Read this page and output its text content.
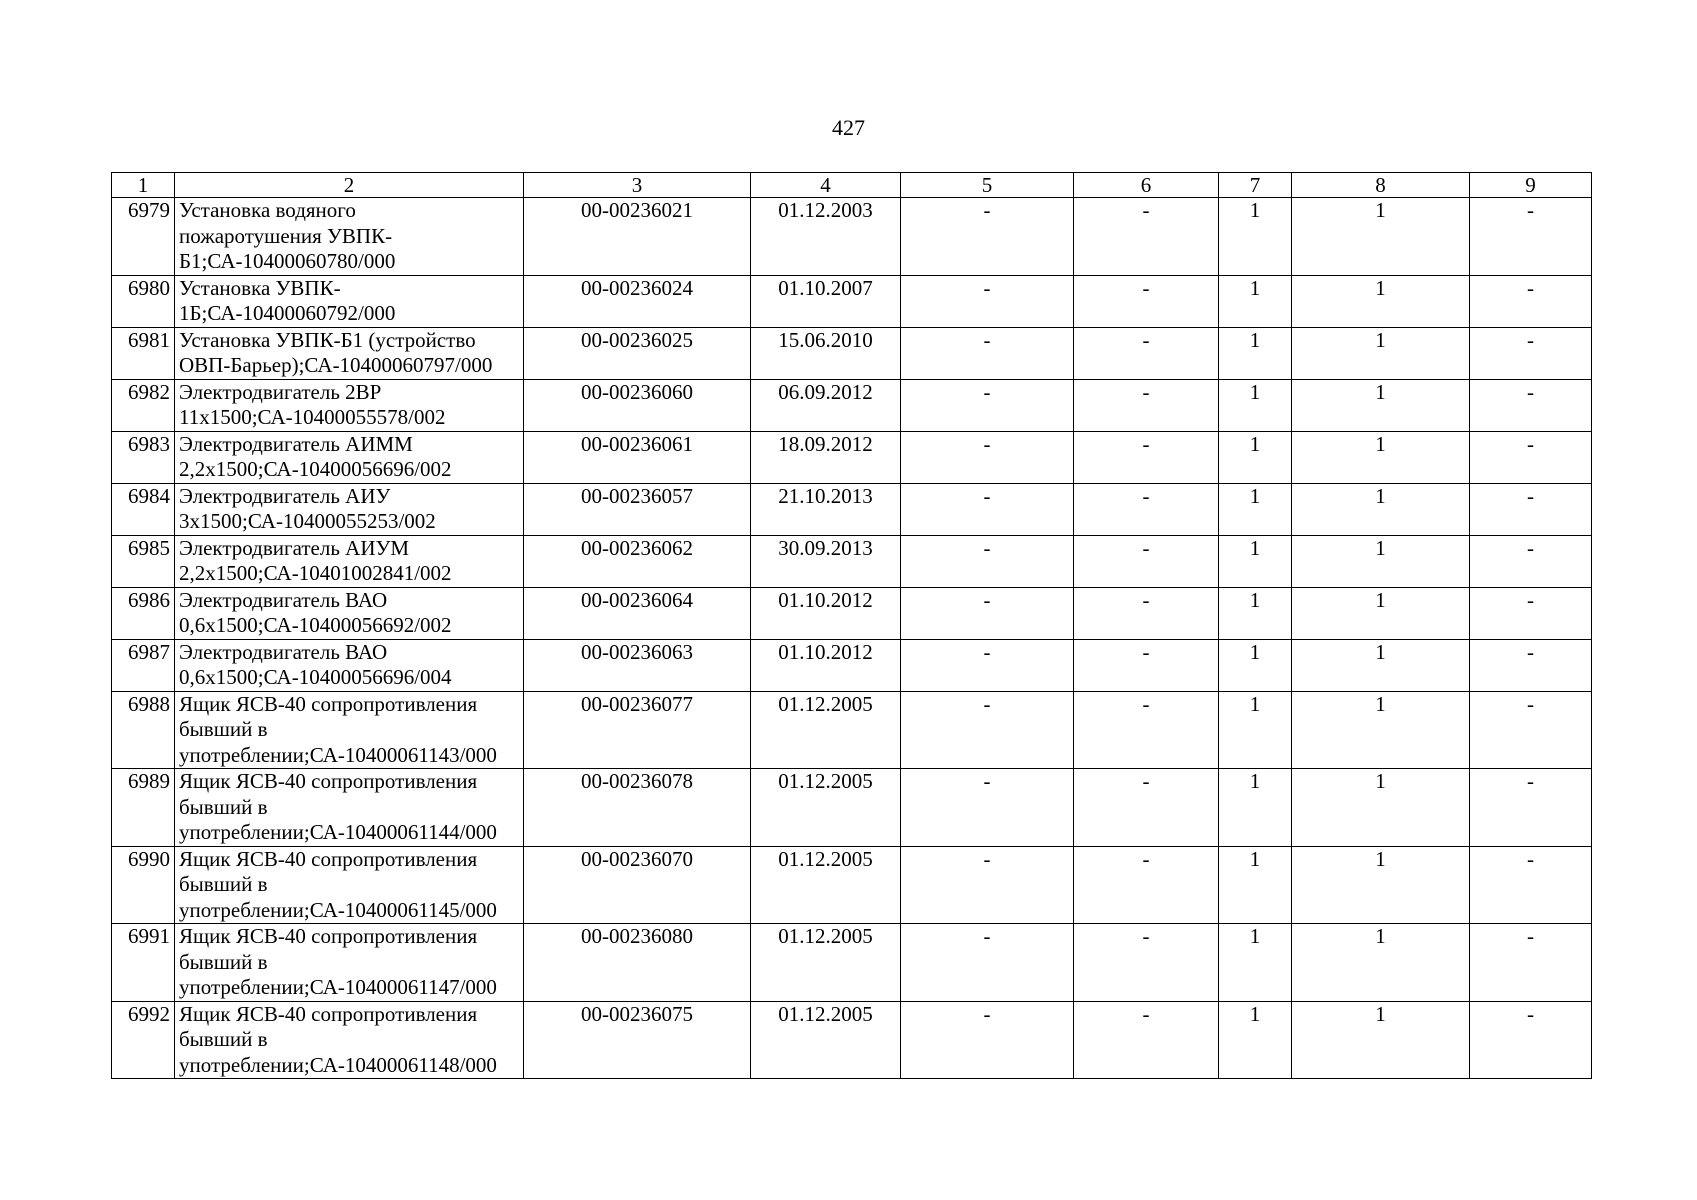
427
1	2	3	4	5	6	7	8	9
6979	Установка водяного
пожаротушения УВПК-
Б1;СА-10400060780/000	00-00236021	01.12.2003	-	-	1	1	-
6980	Установка УВПК-
1Б;СА-10400060792/000	00-00236024	01.10.2007	-	-	1	1	-
6981	Установка УВПК-Б1 (устройство
ОВП-Барьер);СА-10400060797/000	00-00236025	15.06.2010	-	-	1	1	-
6982	Электродвигатель 2ВР
11х1500;СА-10400055578/002	00-00236060	06.09.2012	-	-	1	1	-
6983	Электродвигатель АИММ
2,2х1500;СА-10400056696/002	00-00236061	18.09.2012	-	-	1	1	-
6984	Электродвигатель АИУ
3х1500;СА-10400055253/002	00-00236057	21.10.2013	-	-	1	1	-
6985	Электродвигатель АИУМ
2,2х1500;СА-10401002841/002	00-00236062	30.09.2013	-	-	1	1	-
6986	Электродвигатель ВАО
0,6х1500;СА-10400056692/002	00-00236064	01.10.2012	-	-	1	1	-
6987	Электродвигатель ВАО
0,6х1500;СА-10400056696/004	00-00236063	01.10.2012	-	-	1	1	-
6988	Ящик ЯСВ-40 сопропротивления
бывший в
употреблении;СА-10400061143/000	00-00236077	01.12.2005	-	-	1	1	-
6989	Ящик ЯСВ-40 сопропротивления
бывший в
употреблении;СА-10400061144/000	00-00236078	01.12.2005	-	-	1	1	-
6990	Ящик ЯСВ-40 сопропротивления
бывший в
употреблении;СА-10400061145/000	00-00236070	01.12.2005	-	-	1	1	-
6991	Ящик ЯСВ-40 сопропротивления
бывший в
употреблении;СА-10400061147/000	00-00236080	01.12.2005	-	-	1	1	-
6992	Ящик ЯСВ-40 сопропротивления
бывший в
употреблении;СА-10400061148/000	00-00236075	01.12.2005	-	-	1	1	-
